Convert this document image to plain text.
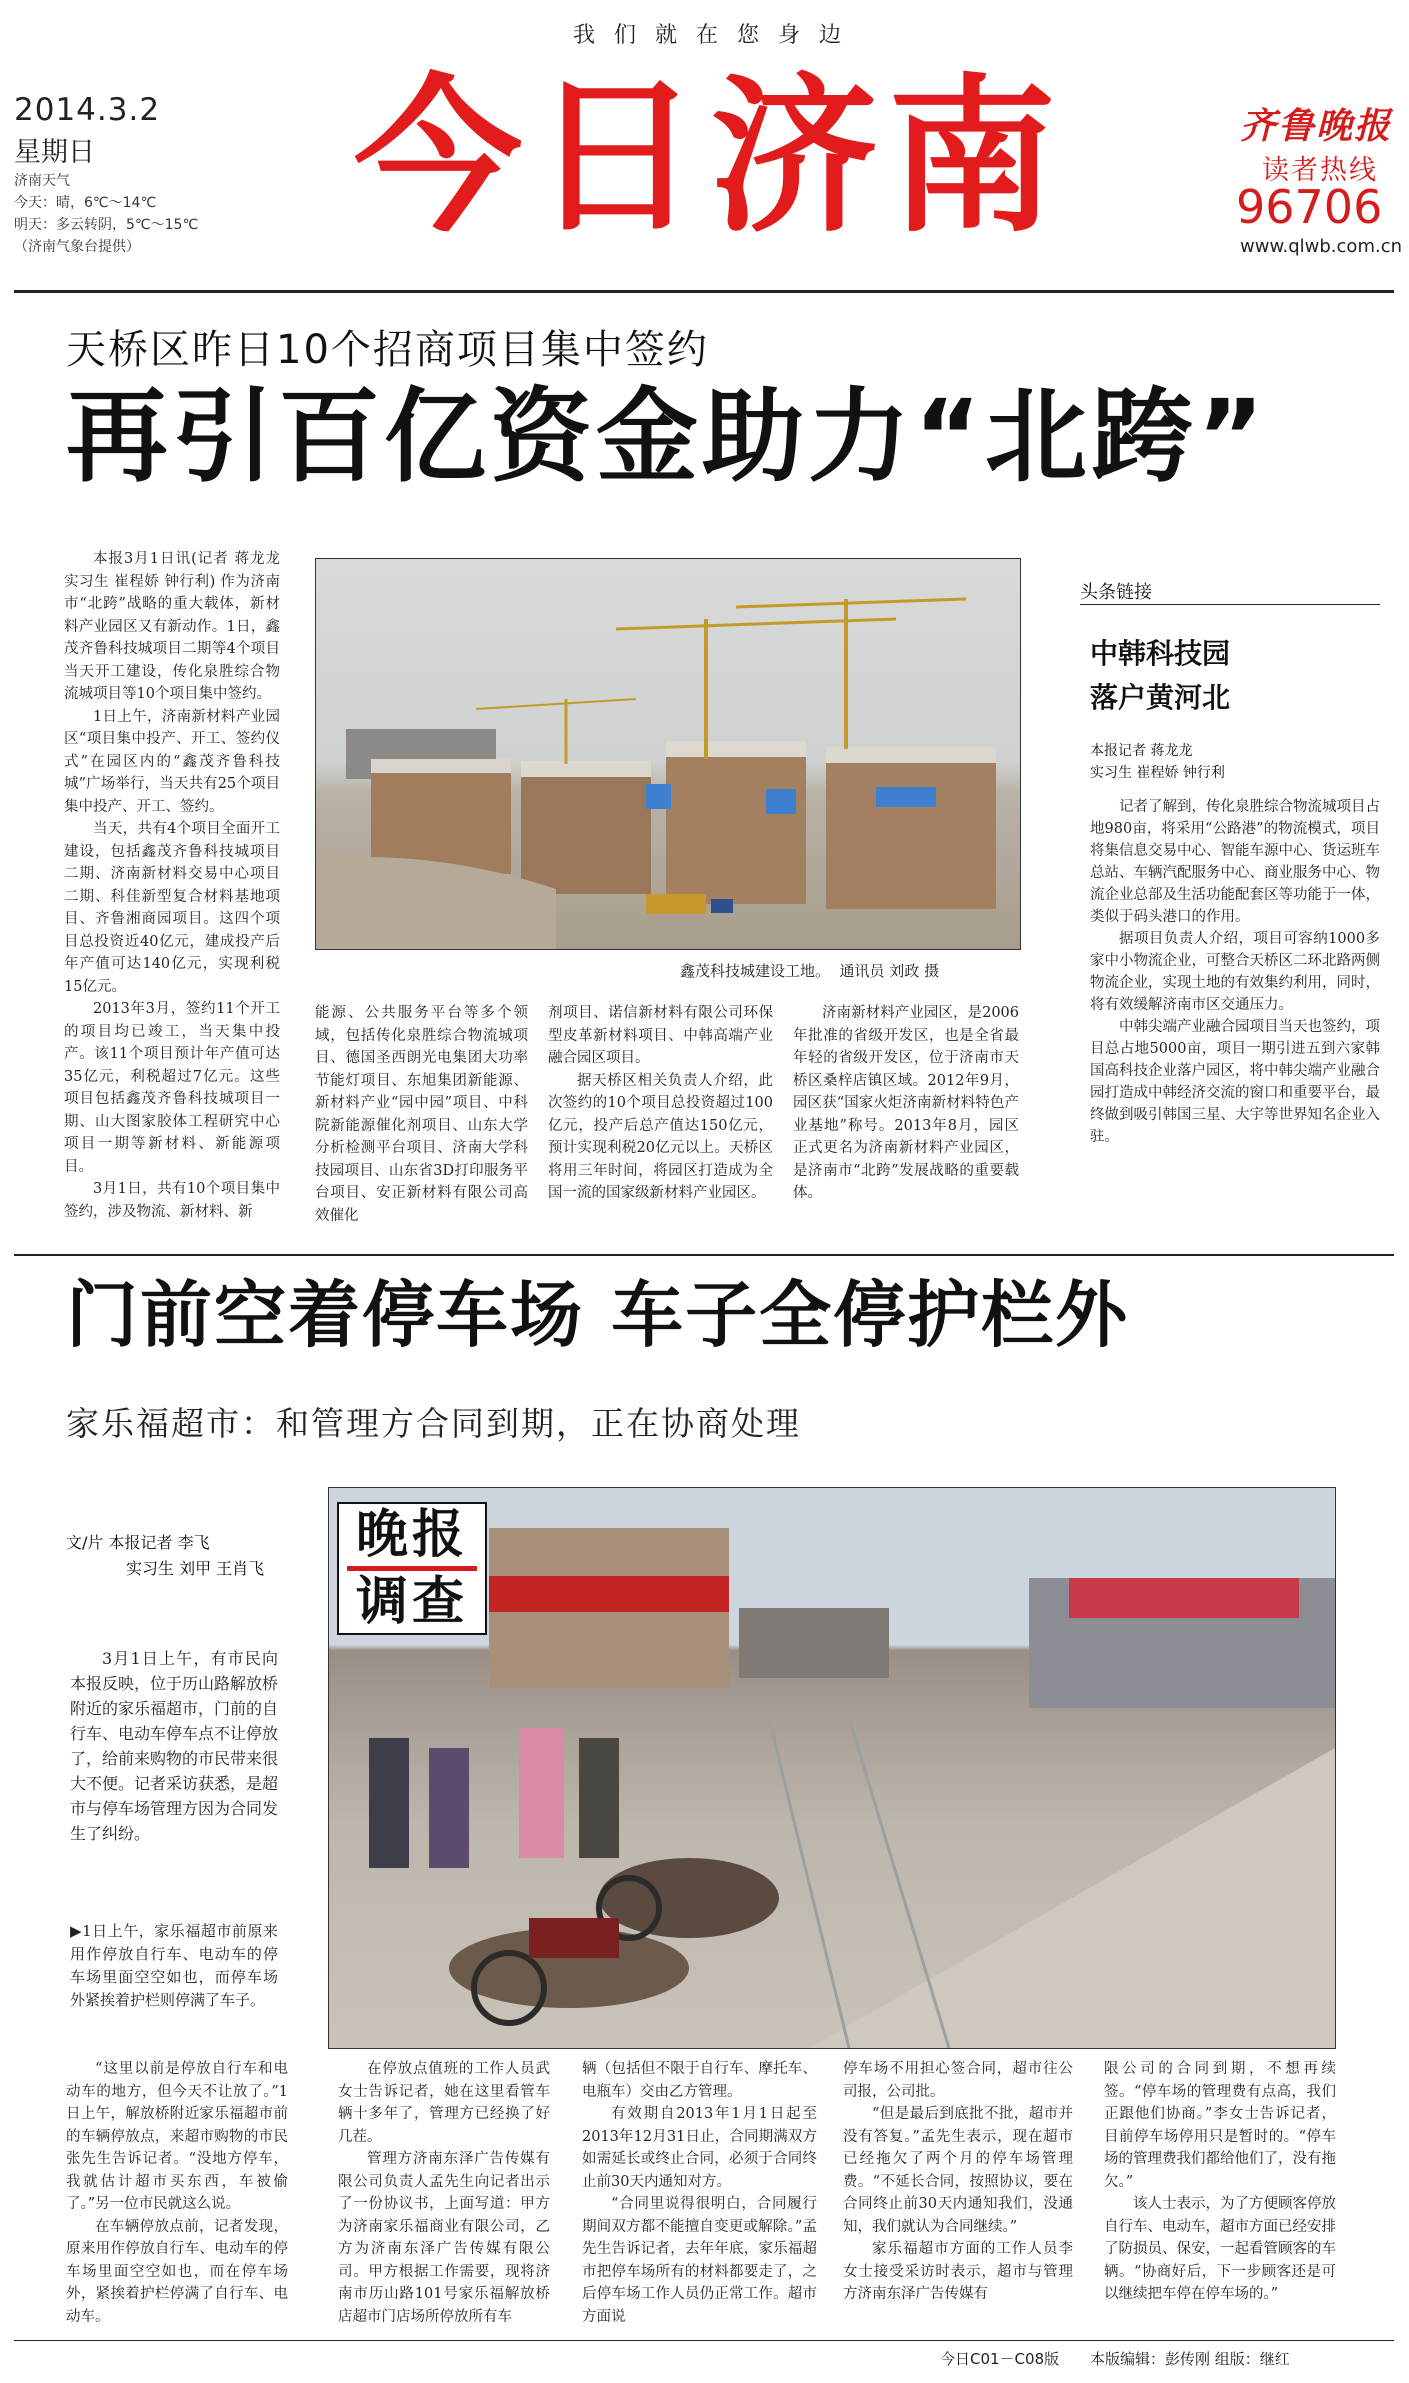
我 们 就 在 您 身 边
2014.3.2
星期日
济南天气
今天：晴，6℃～14℃
明天：多云转阴，5℃～15℃
（济南气象台提供） 今日济南	齐鲁晚报
读者热线
96706
www.qlwb.com.cn
天桥区昨日10个招商项目集中签约
再引百亿资金助力“北跨”

本报3月1日讯(记者 蒋龙龙 实习生 崔程娇 钟行利) 作为济南市“北跨”战略的重大载体，新材料产业园区又有新动作。1日，鑫茂齐鲁科技城项目二期等4个项目当天开工建设，传化泉胜综合物流城项目等10个项目集中签约。

1日上午，济南新材料产业园区“项目集中投产、开工、签约仪式”在园区内的“鑫茂齐鲁科技城”广场举行，当天共有25个项目集中投产、开工、签约。

当天，共有4个项目全面开工建设，包括鑫茂齐鲁科技城项目二期、济南新材料交易中心项目二期、科佳新型复合材料基地项目、齐鲁湘商园项目。这四个项目总投资近40亿元，建成投产后年产值可达140亿元，实现利税15亿元。

2013年3月，签约11个开工的项目均已竣工，当天集中投产。该11个项目预计年产值可达35亿元，利税超过7亿元。这些项目包括鑫茂齐鲁科技城项目一期、山大图家胶体工程研究中心项目一期等新材料、新能源项目。

3月1日，共有10个项目集中签约，涉及物流、新材料、新

鑫茂科技城建设工地。  通讯员 刘政 摄

能源、公共服务平台等多个领域，包括传化泉胜综合物流城项目、德国圣西朗光电集团大功率节能灯项目、东旭集团新能源、新材料产业“园中园”项目、中科院新能源催化剂项目、山东大学分析检测平台项目、济南大学科技园项目、山东省3D打印服务平台项目、安正新材料有限公司高效催化

剂项目、诺信新材料有限公司环保型皮革新材料项目、中韩高端产业融合园区项目。

据天桥区相关负责人介绍，此次签约的10个项目总投资超过100亿元，投产后总产值达150亿元，预计实现利税20亿元以上。天桥区将用三年时间，将园区打造成为全国一流的国家级新材料产业园区。

济南新材料产业园区，是2006年批准的省级开发区，也是全省最年轻的省级开发区，位于济南市天桥区桑梓店镇区域。2012年9月，园区获“国家火炬济南新材料特色产业基地”称号。2013年8月，园区正式更名为济南新材料产业园区，是济南市“北跨”发展战略的重要载体。

头条链接
中韩科技园
落户黄河北
本报记者 蒋龙龙
实习生 崔程娇 钟行利

记者了解到，传化泉胜综合物流城项目占地980亩，将采用“公路港”的物流模式，项目将集信息交易中心、智能车源中心、货运班车总站、车辆汽配服务中心、商业服务中心、物流企业总部及生活功能配套区等功能于一体，类似于码头港口的作用。

据项目负责人介绍，项目可容纳1000多家中小物流企业，可整合天桥区二环北路两侧物流企业，实现土地的有效集约利用，同时，将有效缓解济南市区交通压力。

中韩尖端产业融合园项目当天也签约，项目总占地5000亩，项目一期引进五到六家韩国高科技企业落户园区，将中韩尖端产业融合园打造成中韩经济交流的窗口和重要平台，最终做到吸引韩国三星、大宇等世界知名企业入驻。

门前空着停车场 车子全停护栏外
家乐福超市：和管理方合同到期，正在协商处理
文/片 本报记者 李飞
实习生 刘甲 王肖飞

3月1日上午，有市民向本报反映，位于历山路解放桥附近的家乐福超市，门前的自行车、电动车停车点不让停放了，给前来购物的市民带来很大不便。记者采访获悉，是超市与停车场管理方因为合同发生了纠纷。

▶1日上午，家乐福超市前原来用作停放自行车、电动车的停车场里面空空如也，而停车场外紧挨着护栏则停满了车子。

晚报
调查

“这里以前是停放自行车和电动车的地方，但今天不让放了。”1日上午，解放桥附近家乐福超市前的车辆停放点，来超市购物的市民张先生告诉记者。“没地方停车，我就估计超市买东西，车被偷了。”另一位市民就这么说。

在车辆停放点前，记者发现，原来用作停放自行车、电动车的停车场里面空空如也，而在停车场外，紧挨着护栏停满了自行车、电动车。

在停放点值班的工作人员武女士告诉记者，她在这里看管车辆十多年了，管理方已经换了好几茬。

管理方济南东泽广告传媒有限公司负责人孟先生向记者出示了一份协议书，上面写道：甲方为济南家乐福商业有限公司，乙方为济南东泽广告传媒有限公司。甲方根据工作需要，现将济南市历山路101号家乐福解放桥店超市门店场所停放所有车

辆（包括但不限于自行车、摩托车、电瓶车）交由乙方管理。

有效期自2013年1月1日起至2013年12月31日止，合同期满双方如需延长或终止合同，必须于合同终止前30天内通知对方。

“合同里说得很明白，合同履行期间双方都不能擅自变更或解除。”孟先生告诉记者，去年年底，家乐福超市把停车场所有的材料都要走了，之后停车场工作人员仍正常工作。超市方面说

停车场不用担心签合同，超市往公司报，公司批。

“但是最后到底批不批，超市并没有答复。”孟先生表示，现在超市已经拖欠了两个月的停车场管理费。“不延长合同，按照协议，要在合同终止前30天内通知我们，没通知，我们就认为合同继续。”

家乐福超市方面的工作人员李女士接受采访时表示，超市与管理方济南东泽广告传媒有

限公司的合同到期，不想再续签。“停车场的管理费有点高，我们正跟他们协商。”李女士告诉记者，目前停车场停用只是暂时的。“停车场的管理费我们都给他们了，没有拖欠。”

该人士表示，为了方便顾客停放自行车、电动车，超市方面已经安排了防损员、保安，一起看管顾客的车辆。“协商好后，下一步顾客还是可以继续把车停在停车场的。”

今日C01－C08版 本版编辑：彭传刚 组版：继红
